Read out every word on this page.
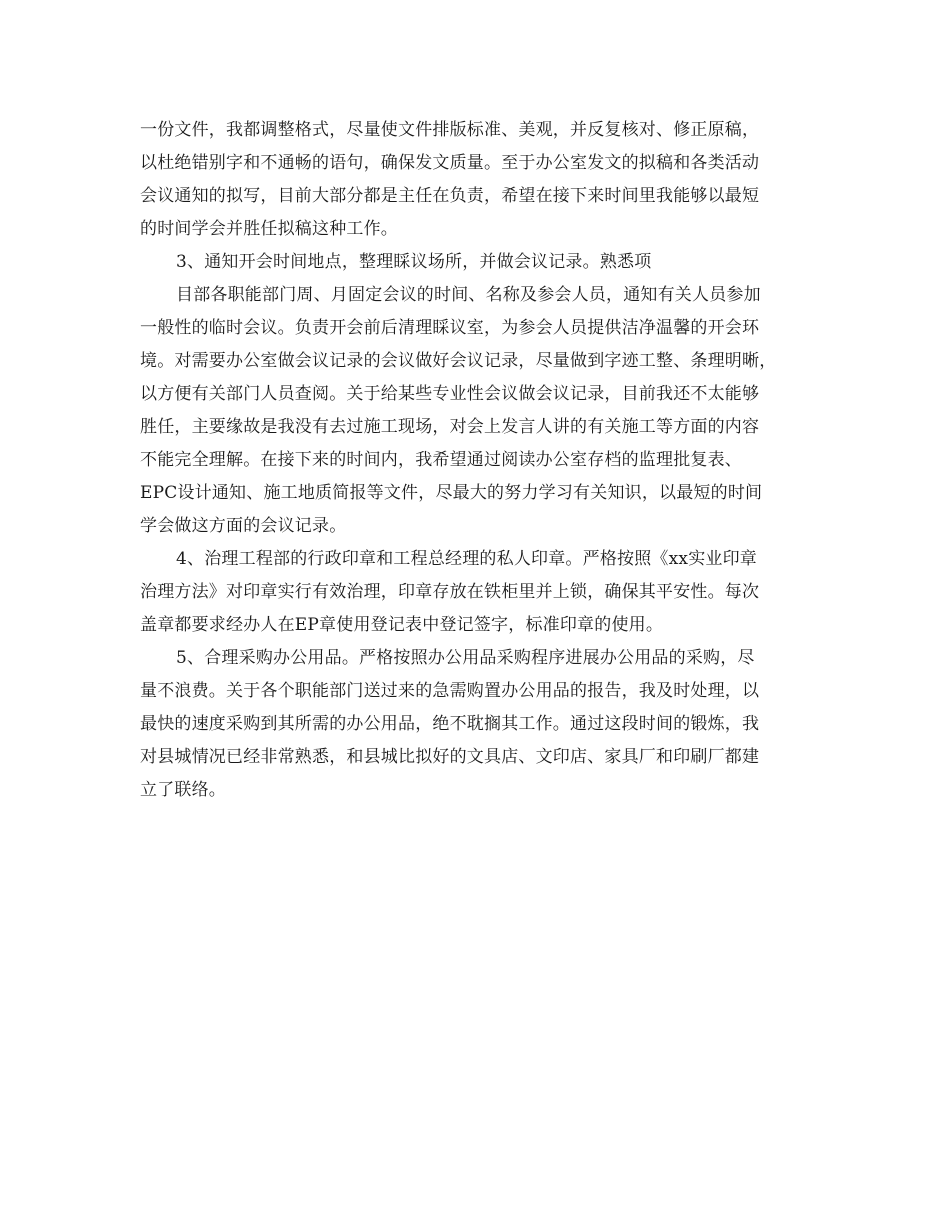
一份文件，我都调整格式，尽量使文件排版标准、美观，并反复核对、修正原稿，
以杜绝错别字和不通畅的语句，确保发文质量。至于办公室发文的拟稿和各类活动
会议通知的拟写，目前大部分都是主任在负责，希望在接下来时间里我能够以最短
的时间学会并胜任拟稿这种工作。
3、通知开会时间地点，整理睬议场所，并做会议记录。熟悉项
目部各职能部门周、月固定会议的时间、名称及参会人员，通知有关人员参加
一般性的临时会议。负责开会前后清理睬议室，为参会人员提供洁净温馨的开会环
境。对需要办公室做会议记录的会议做好会议记录，尽量做到字迹工整、条理明晰，
以方便有关部门人员查阅。关于给某些专业性会议做会议记录，目前我还不太能够
胜任，主要缘故是我没有去过施工现场，对会上发言人讲的有关施工等方面的内容
不能完全理解。在接下来的时间内，我希望通过阅读办公室存档的监理批复表、
EPC设计通知、施工地质简报等文件，尽最大的努力学习有关知识，以最短的时间
学会做这方面的会议记录。
4、治理工程部的行政印章和工程总经理的私人印章。严格按照《xx实业印章
治理方法》对印章实行有效治理，印章存放在铁柜里并上锁，确保其平安性。每次
盖章都要求经办人在EP章使用登记表中登记签字，标准印章的使用。
5、合理采购办公用品。严格按照办公用品采购程序进展办公用品的采购，尽
量不浪费。关于各个职能部门送过来的急需购置办公用品的报告，我及时处理，以
最快的速度采购到其所需的办公用品，绝不耽搁其工作。通过这段时间的锻炼，我
对县城情况已经非常熟悉，和县城比拟好的文具店、文印店、家具厂和印刷厂都建
立了联络。
